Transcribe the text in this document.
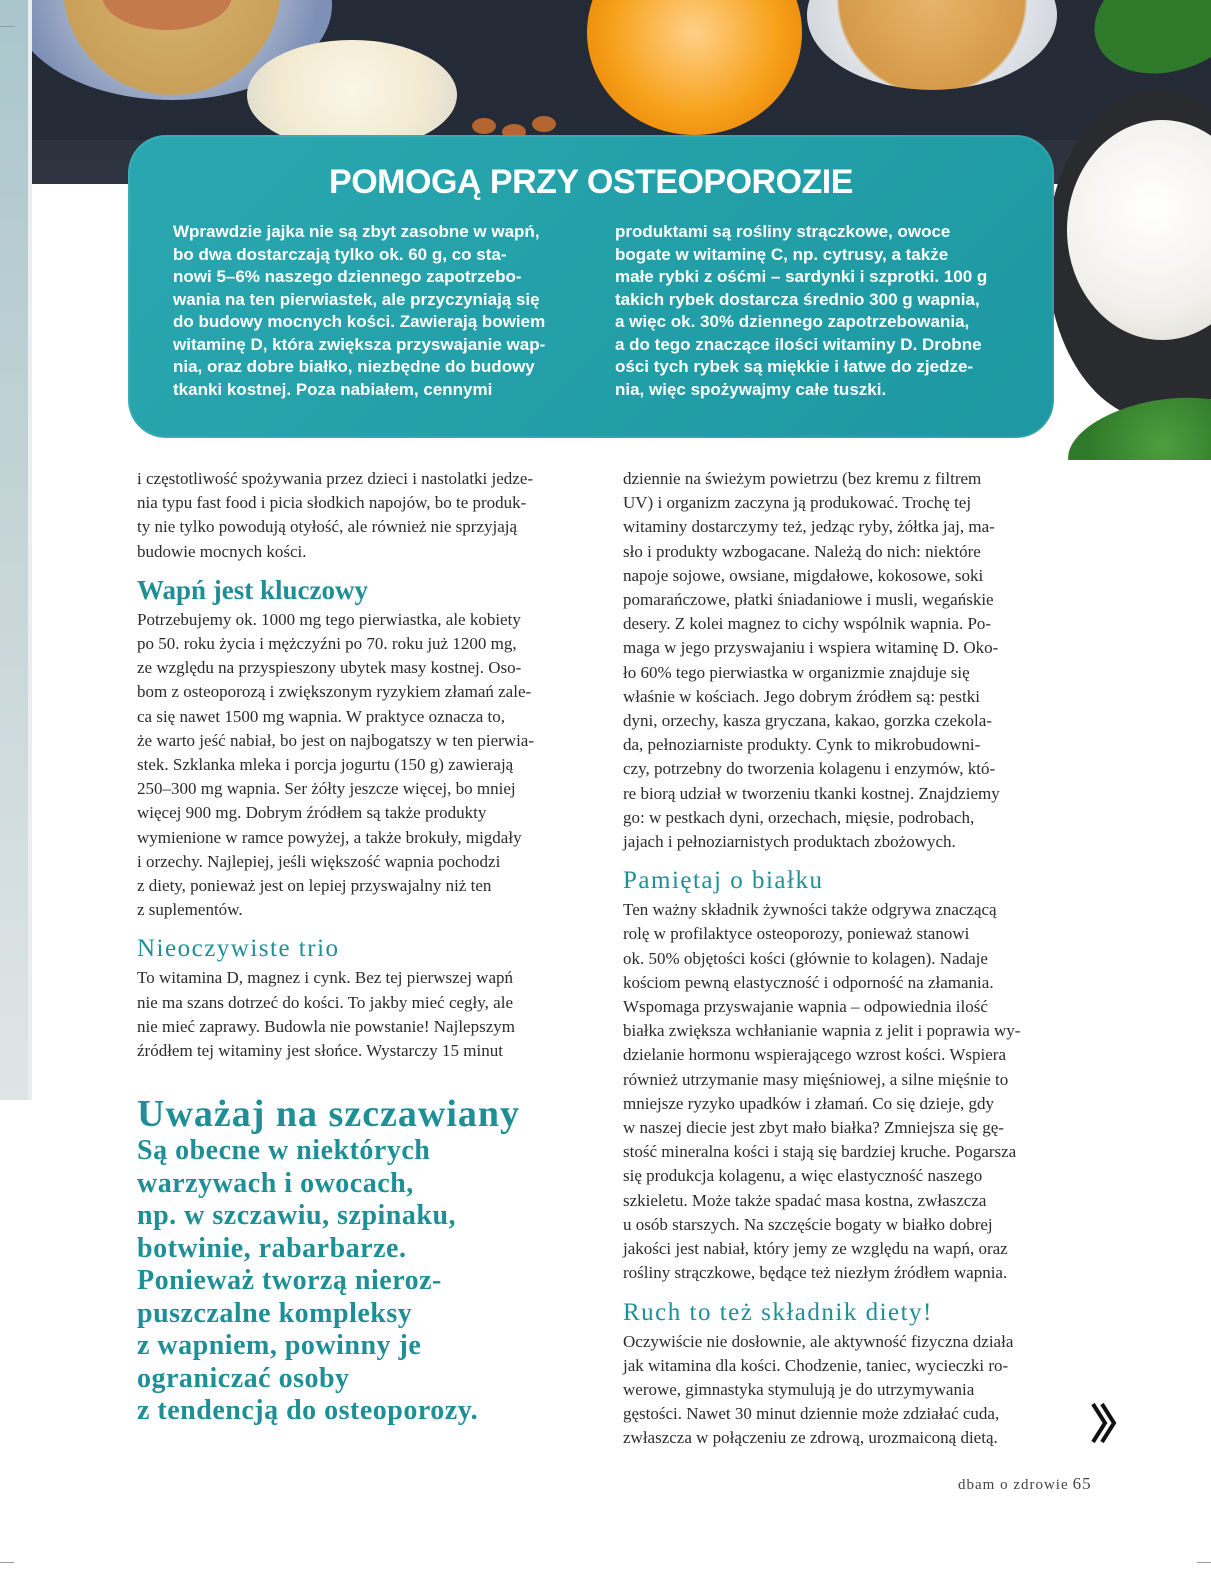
POMOGĄ PRZY OSTEOPOROZIE

Wprawdzie jajka nie są zbyt zasobne w wapń,

bo dwa dostarczają tylko ok. 60 g, co sta-

nowi 5–6% naszego dziennego zapotrzebo-

wania na ten pierwiastek, ale przyczyniają się

do budowy mocnych kości. Zawierają bowiem

witaminę D, która zwiększa przyswajanie wap-

nia, oraz dobre białko, niezbędne do budowy

tkanki kostnej. Poza nabiałem, cennymi

produktami są rośliny strączkowe, owoce

bogate w witaminę C, np. cytrusy, a także

małe rybki z ośćmi – sardynki i szprotki. 100 g

takich rybek dostarcza średnio 300 g wapnia,

a więc ok. 30% dziennego zapotrzebowania,

a do tego znaczące ilości witaminy D. Drobne

ości tych rybek są miękkie i łatwe do zjedze-

nia, więc spożywajmy całe tuszki.

i częstotliwość spożywania przez dzieci i nastolatki jedze-

nia typu fast food i picia słodkich napojów, bo te produk-

ty nie tylko powodują otyłość, ale również nie sprzyjają

budowie mocnych kości.

Wapń jest kluczowy

Potrzebujemy ok. 1000 mg tego pierwiastka, ale kobiety

po 50. roku życia i mężczyźni po 70. roku już 1200 mg,

ze względu na przyspieszony ubytek masy kostnej. Oso-

bom z osteoporozą i zwiększonym ryzykiem złamań zale-

ca się nawet 1500 mg wapnia. W praktyce oznacza to,

że warto jeść nabiał, bo jest on najbogatszy w ten pierwia-

stek. Szklanka mleka i porcja jogurtu (150 g) zawierają

250–300 mg wapnia. Ser żółty jeszcze więcej, bo mniej

więcej 900 mg. Dobrym źródłem są także produkty

wymienione w ramce powyżej, a także brokuły, migdały

i orzechy. Najlepiej, jeśli większość wapnia pochodzi

z diety, ponieważ jest on lepiej przyswajalny niż ten

z suplementów.

Nieoczywiste trio

To witamina D, magnez i cynk. Bez tej pierwszej wapń

nie ma szans dotrzeć do kości. To jakby mieć cegły, ale

nie mieć zaprawy. Budowla nie powstanie! Najlepszym

źródłem tej witaminy jest słońce. Wystarczy 15 minut

Uważaj na szczawiany
Są obecne w niektórych
warzywach i owocach,
np. w szczawiu, szpinaku,
botwinie, rabarbarze.
Ponieważ tworzą nieroz-
puszczalne kompleksy
z wapniem, powinny je
ograniczać osoby
z tendencją do osteoporozy.

dziennie na świeżym powietrzu (bez kremu z filtrem

UV) i organizm zaczyna ją produkować. Trochę tej

witaminy dostarczymy też, jedząc ryby, żółtka jaj, ma-

sło i produkty wzbogacane. Należą do nich: niektóre

napoje sojowe, owsiane, migdałowe, kokosowe, soki

pomarańczowe, płatki śniadaniowe i musli, wegańskie

desery. Z kolei magnez to cichy wspólnik wapnia. Po-

maga w jego przyswajaniu i wspiera witaminę D. Oko-

ło 60% tego pierwiastka w organizmie znajduje się

właśnie w kościach. Jego dobrym źródłem są: pestki

dyni, orzechy, kasza gryczana, kakao, gorzka czekola-

da, pełnoziarniste produkty. Cynk to mikrobudowni-

czy, potrzebny do tworzenia kolagenu i enzymów, któ-

re biorą udział w tworzeniu tkanki kostnej. Znajdziemy

go: w pestkach dyni, orzechach, mięsie, podrobach,

jajach i pełnoziarnistych produktach zbożowych.

Pamiętaj o białku

Ten ważny składnik żywności także odgrywa znaczącą

rolę w profilaktyce osteoporozy, ponieważ stanowi

ok. 50% objętości kości (głównie to kolagen). Nadaje

kościom pewną elastyczność i odporność na złamania.

Wspomaga przyswajanie wapnia – odpowiednia ilość

białka zwiększa wchłanianie wapnia z jelit i poprawia wy-

dzielanie hormonu wspierającego wzrost kości. Wspiera

również utrzymanie masy mięśniowej, a silne mięśnie to

mniejsze ryzyko upadków i złamań. Co się dzieje, gdy

w naszej diecie jest zbyt mało białka? Zmniejsza się gę-

stość mineralna kości i stają się bardziej kruche. Pogarsza

się produkcja kolagenu, a więc elastyczność naszego

szkieletu. Może także spadać masa kostna, zwłaszcza

u osób starszych. Na szczęście bogaty w białko dobrej

jakości jest nabiał, który jemy ze względu na wapń, oraz

rośliny strączkowe, będące też niezłym źródłem wapnia.

Ruch to też składnik diety!

Oczywiście nie dosłownie, ale aktywność fizyczna działa

jak witamina dla kości. Chodzenie, taniec, wycieczki ro-

werowe, gimnastyka stymulują je do utrzymywania

gęstości. Nawet 30 minut dziennie może zdziałać cuda,

zwłaszcza w połączeniu ze zdrową, urozmaiconą dietą.

dbam o zdrowie 65
